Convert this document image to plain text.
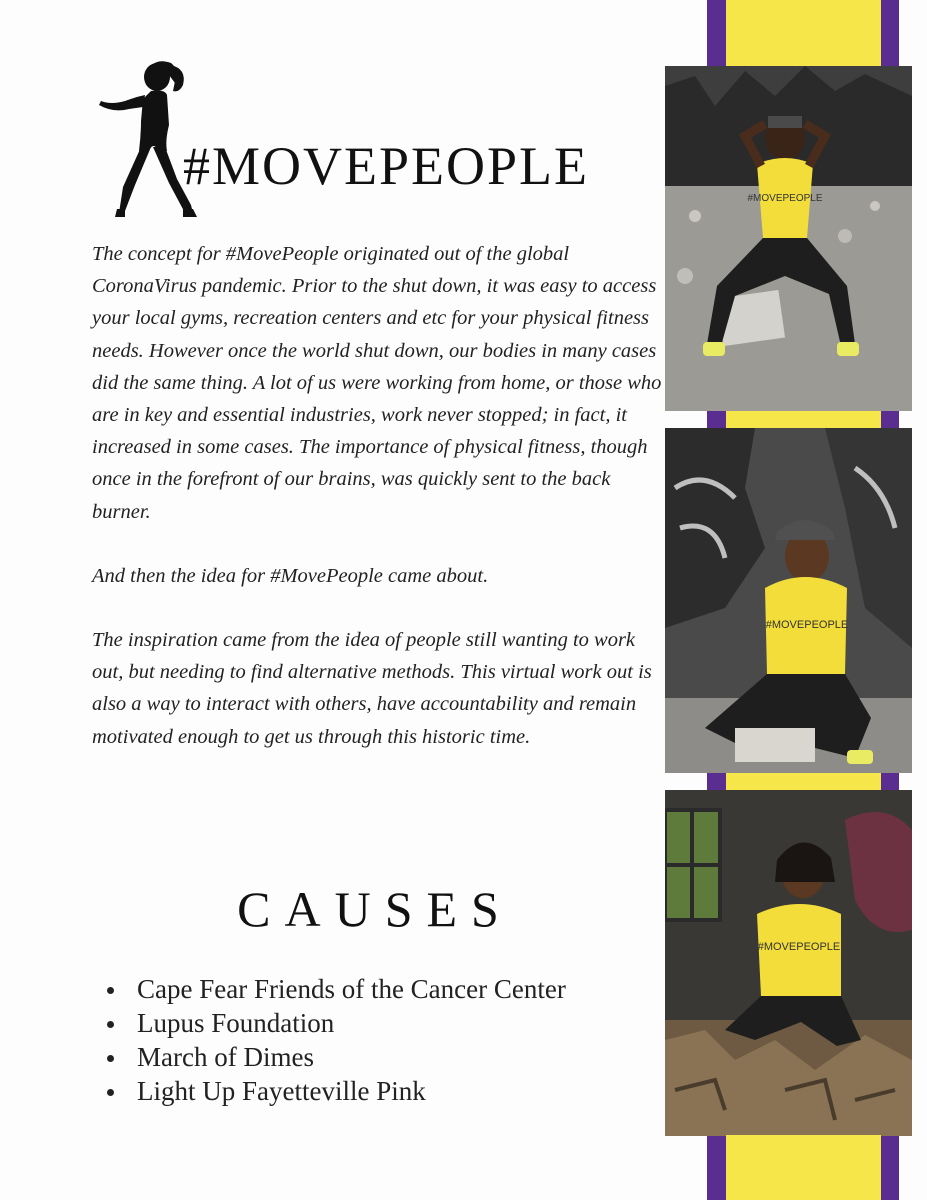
#MOVEPEOPLE

The concept for #MovePeople originated out of the global CoronaVirus pandemic. Prior to the shut down, it was easy to access your local gyms, recreation centers and etc for your physical fitness needs. However once the world shut down, our bodies in many cases did the same thing. A lot of us were working from home, or those who are in key and essential industries, work never stopped; in fact, it increased in some cases. The importance of physical fitness, though once in the forefront of our brains, was quickly sent to the back burner.

And then the idea for #MovePeople came about.

The inspiration came from the idea of people still wanting to work out, but needing to find alternative methods. This virtual work out is also a way to interact with others, have accountability and remain motivated enough to get us through this historic time.

CAUSES
Cape Fear Friends of the Cancer Center
Lupus Foundation
March of Dimes
Light Up Fayetteville Pink
#MOVEPEOPLE
#MOVEPEOPLE
#MOVEPEOPLE
